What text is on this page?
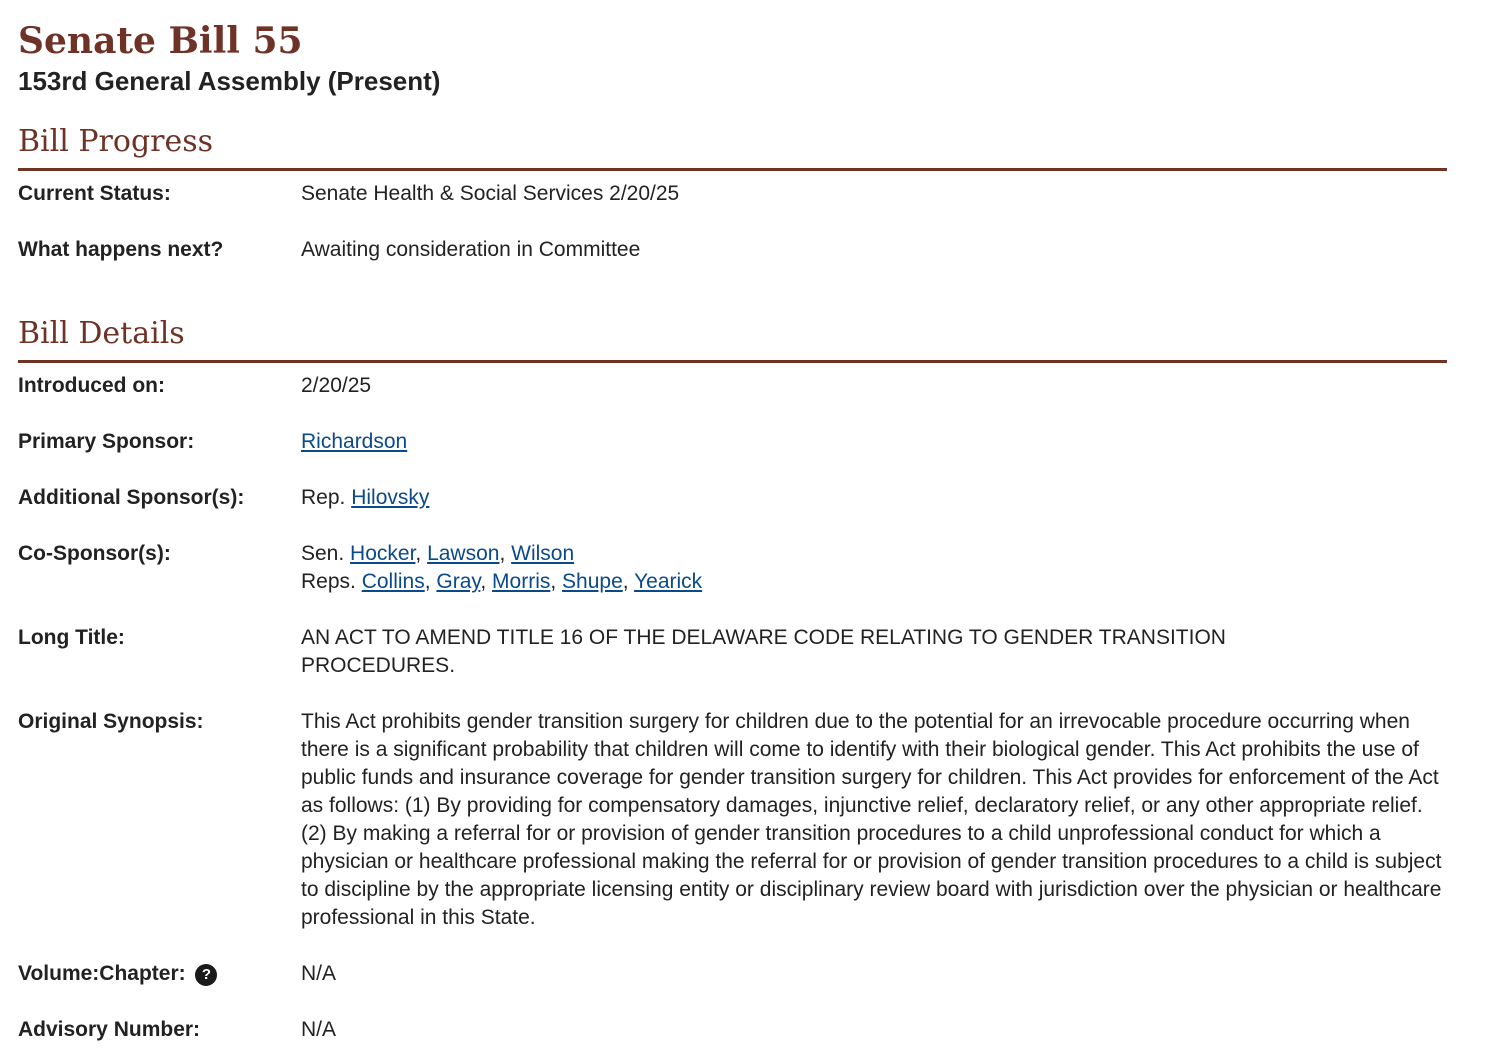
Senate Bill 55
153rd General Assembly (Present)
Bill Progress
Current Status:	Senate Health & Social Services 2/20/25
What happens next?	Awaiting consideration in Committee
Bill Details
Introduced on:	2/20/25
Primary Sponsor:	Richardson
Additional Sponsor(s):	Rep. Hilovsky
Co-Sponsor(s):	Sen. Hocker, Lawson, Wilson
Reps. Collins, Gray, Morris, Shupe, Yearick
Long Title:	AN ACT TO AMEND TITLE 16 OF THE DELAWARE CODE RELATING TO GENDER TRANSITION PROCEDURES.
Original Synopsis:	This Act prohibits gender transition surgery for children due to the potential for an irrevocable procedure occurring when there is a significant probability that children will come to identify with their biological gender. This Act prohibits the use of public funds and insurance coverage for gender transition surgery for children. This Act provides for enforcement of the Act as follows: (1) By providing for compensatory damages, injunctive relief, declaratory relief, or any other appropriate relief. (2) By making a referral for or provision of gender transition procedures to a child unprofessional conduct for which a physician or healthcare professional making the referral for or provision of gender transition procedures to a child is subject to discipline by the appropriate licensing entity or disciplinary review board with jurisdiction over the physician or healthcare professional in this State.
Volume:Chapter: ?	N/A
Advisory Number:	N/A
